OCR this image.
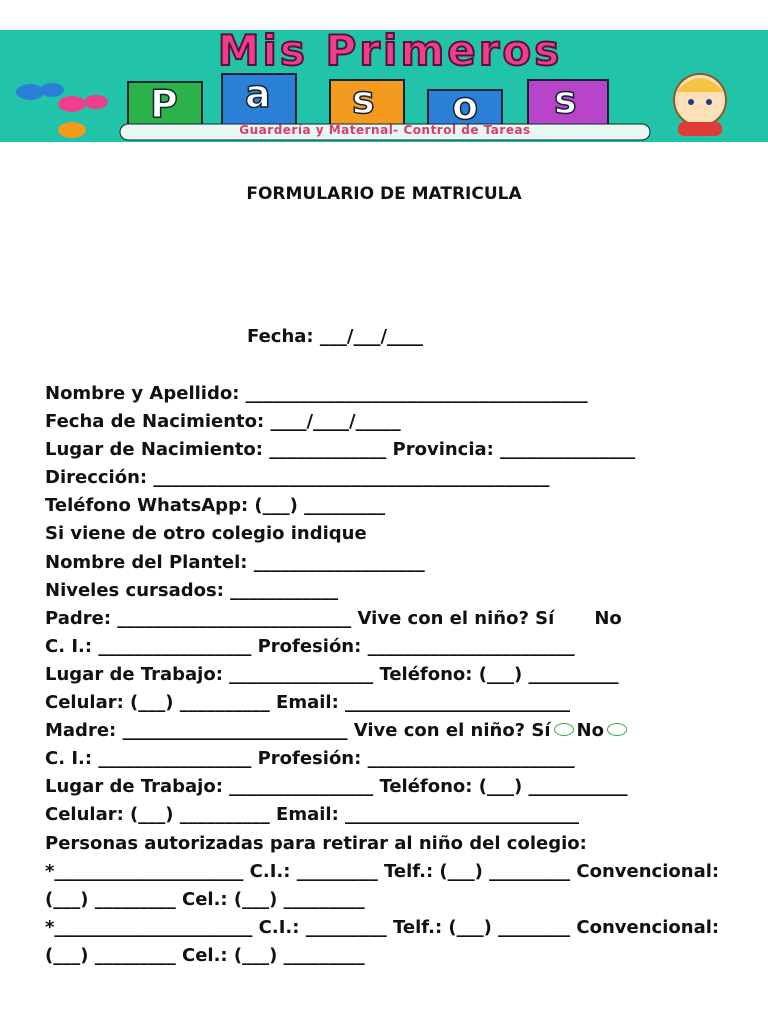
Mis Primeros
P a s o s
Guardería y Maternal- Control de Tareas
FORMULARIO DE MATRICULA
Fecha: ___/___/____
Nombre y Apellido: ______________________________________
Fecha de Nacimiento: ____/____/_____
Lugar de Nacimiento: _____________ Provincia: _______________
Dirección: ____________________________________________
Teléfono WhatsApp: (___) _________
Si viene de otro colegio indique
Nombre del Plantel: ___________________
Niveles cursados: ____________
Padre: __________________________ Vive con el niño? Sí No
C. I.: _________________ Profesión: _______________________
Lugar de Trabajo: ________________ Teléfono: (___) __________
Celular: (___) __________ Email: _________________________
Madre: _________________________ Vive con el niño? Sí No
C. I.: _________________ Profesión: _______________________
Lugar de Trabajo: ________________ Teléfono: (___) ___________
Celular: (___) __________ Email: __________________________
Personas autorizadas para retirar al niño del colegio:
*_____________________ C.I.: _________ Telf.: (___) _________ Convencional:
(___) _________ Cel.: (___) _________
*______________________ C.I.: _________ Telf.: (___) ________ Convencional:
(___) _________ Cel.: (___) _________
